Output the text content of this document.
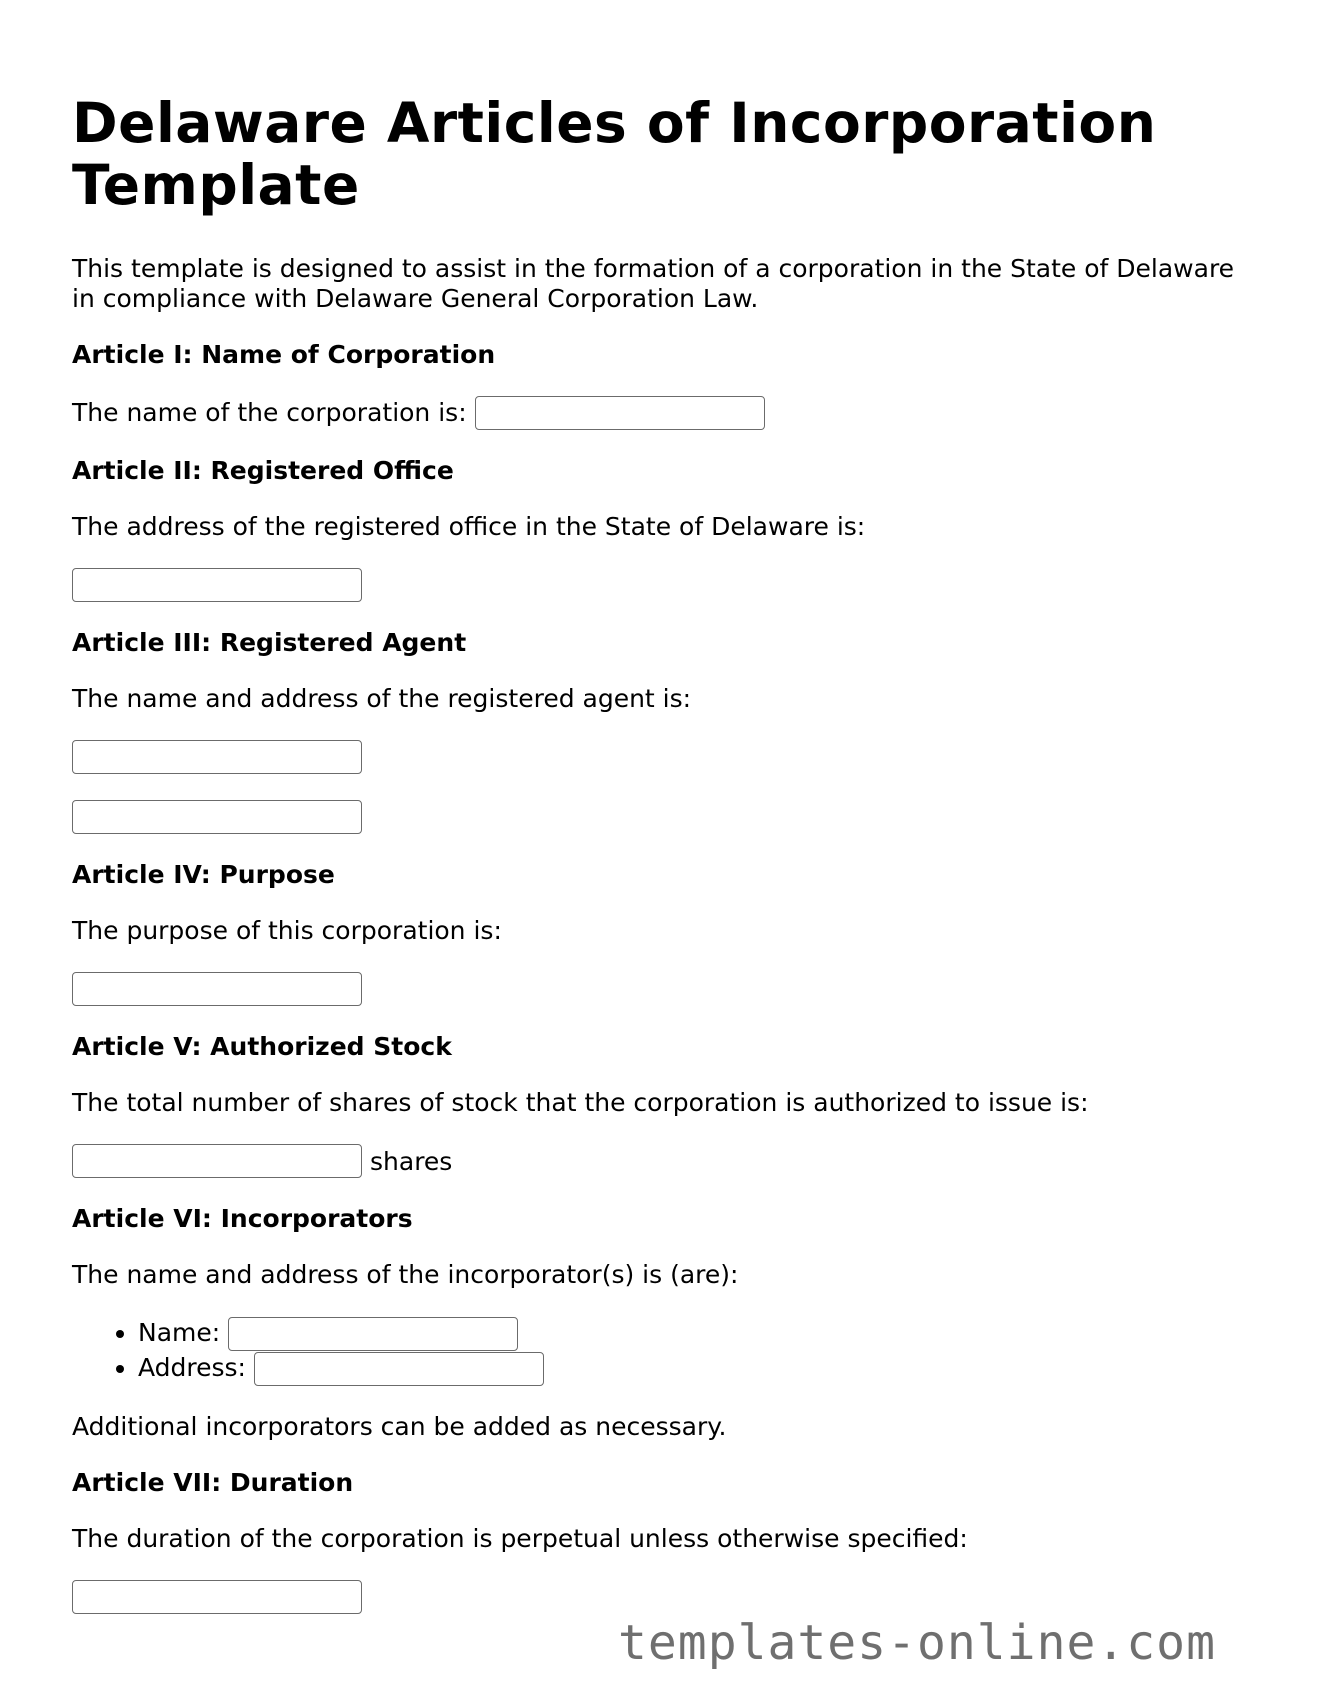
Delaware Articles of Incorporation Template

This template is designed to assist in the formation of a corporation in the State of Delaware in compliance with Delaware General Corporation Law.

Article I: Name of Corporation

The name of the corporation is:

Article II: Registered Office

The address of the registered office in the State of Delaware is:

Article III: Registered Agent

The name and address of the registered agent is:

Article IV: Purpose

The purpose of this corporation is:

Article V: Authorized Stock

The total number of shares of stock that the corporation is authorized to issue is:

shares
Article VI: Incorporators

The name and address of the incorporator(s) is (are):

• Name:
• Address:

Additional incorporators can be added as necessary.

Article VII: Duration

The duration of the corporation is perpetual unless otherwise specified:

templates-online.com
